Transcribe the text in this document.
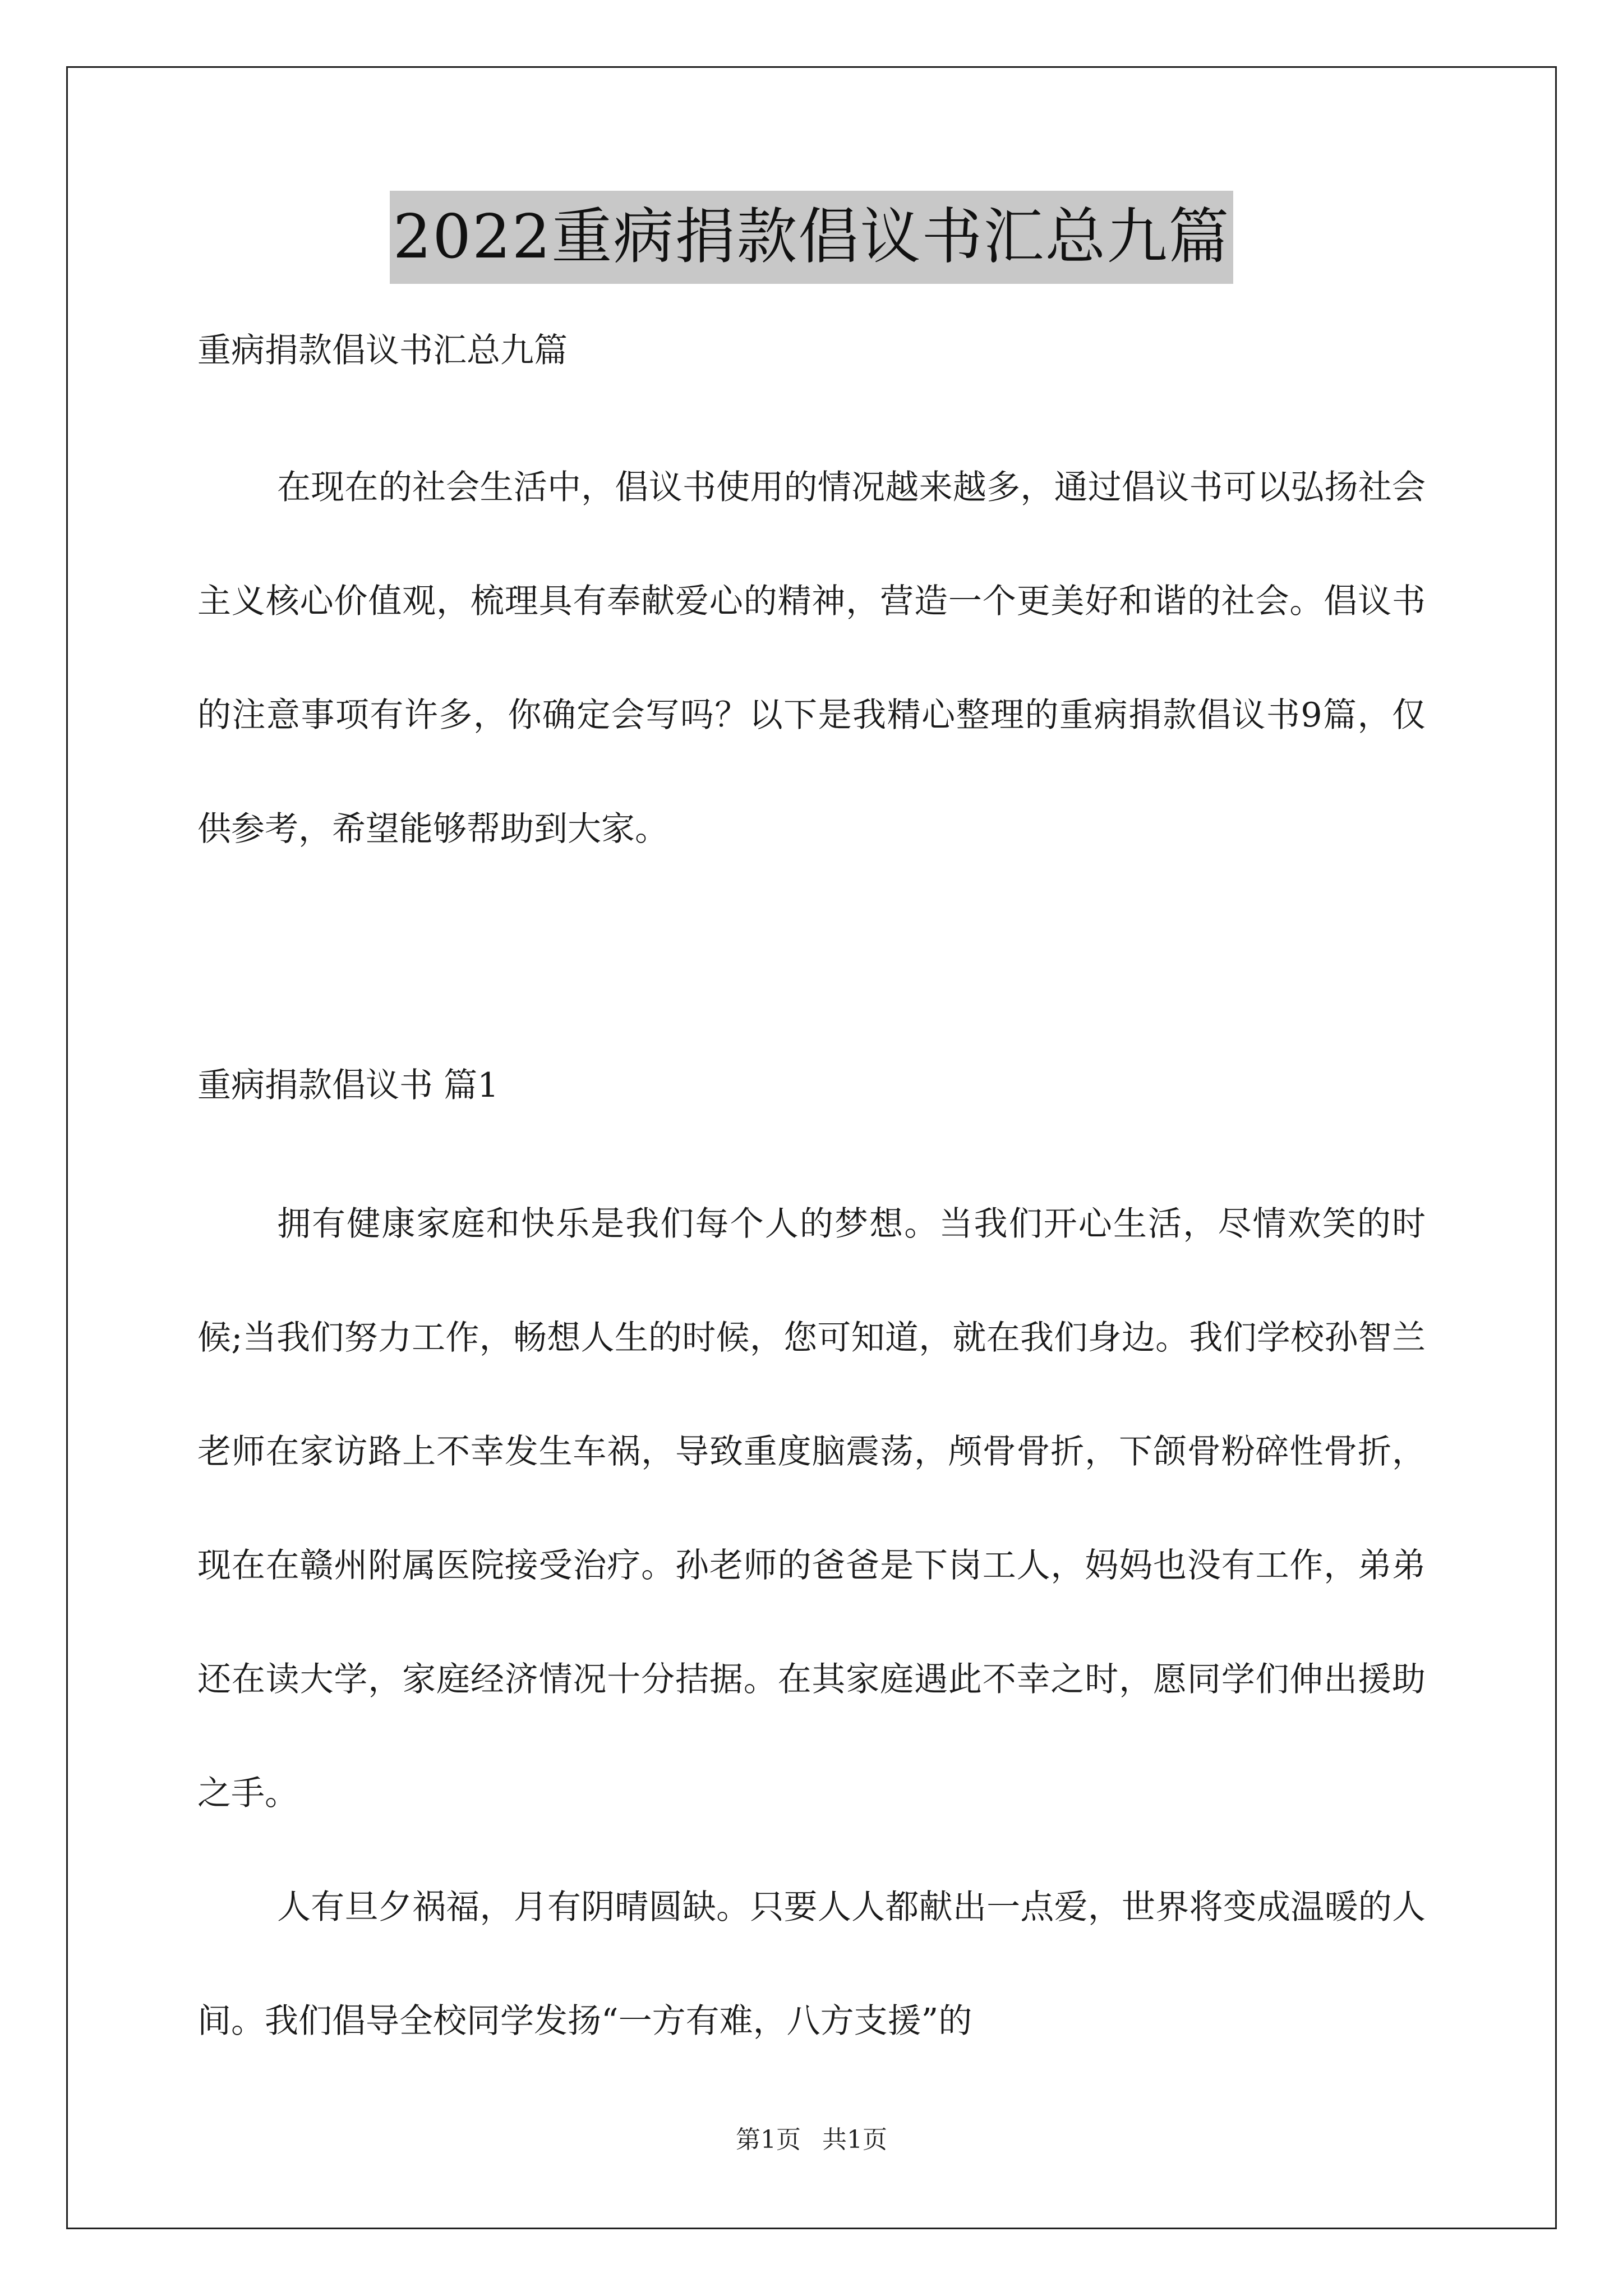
2022重病捐款倡议书汇总九篇
重病捐款倡议书汇总九篇

在现在的社会生活中，倡议书使用的情况越来越多，通过倡议书可以弘扬社会主义核心价值观，梳理具有奉献爱心的精神，营造一个更美好和谐的社会。倡议书的注意事项有许多，你确定会写吗？以下是我精心整理的重病捐款倡议书9篇，仅供参考，希望能够帮助到大家。

重病捐款倡议书 篇1

拥有健康家庭和快乐是我们每个人的梦想。当我们开心生活，尽情欢笑的时候;当我们努力工作，畅想人生的时候，您可知道，就在我们身边。我们学校孙智兰老师在家访路上不幸发生车祸，导致重度脑震荡，颅骨骨折，下颌骨粉碎性骨折，现在在赣州附属医院接受治疗。孙老师的爸爸是下岗工人，妈妈也没有工作，弟弟还在读大学，家庭经济情况十分拮据。在其家庭遇此不幸之时，愿同学们伸出援助之手。

人有旦夕祸福，月有阴晴圆缺。只要人人都献出一点爱，世界将变成温暖的人间。我们倡导全校同学发扬“一方有难，八方支援”的

第1页 共1页
